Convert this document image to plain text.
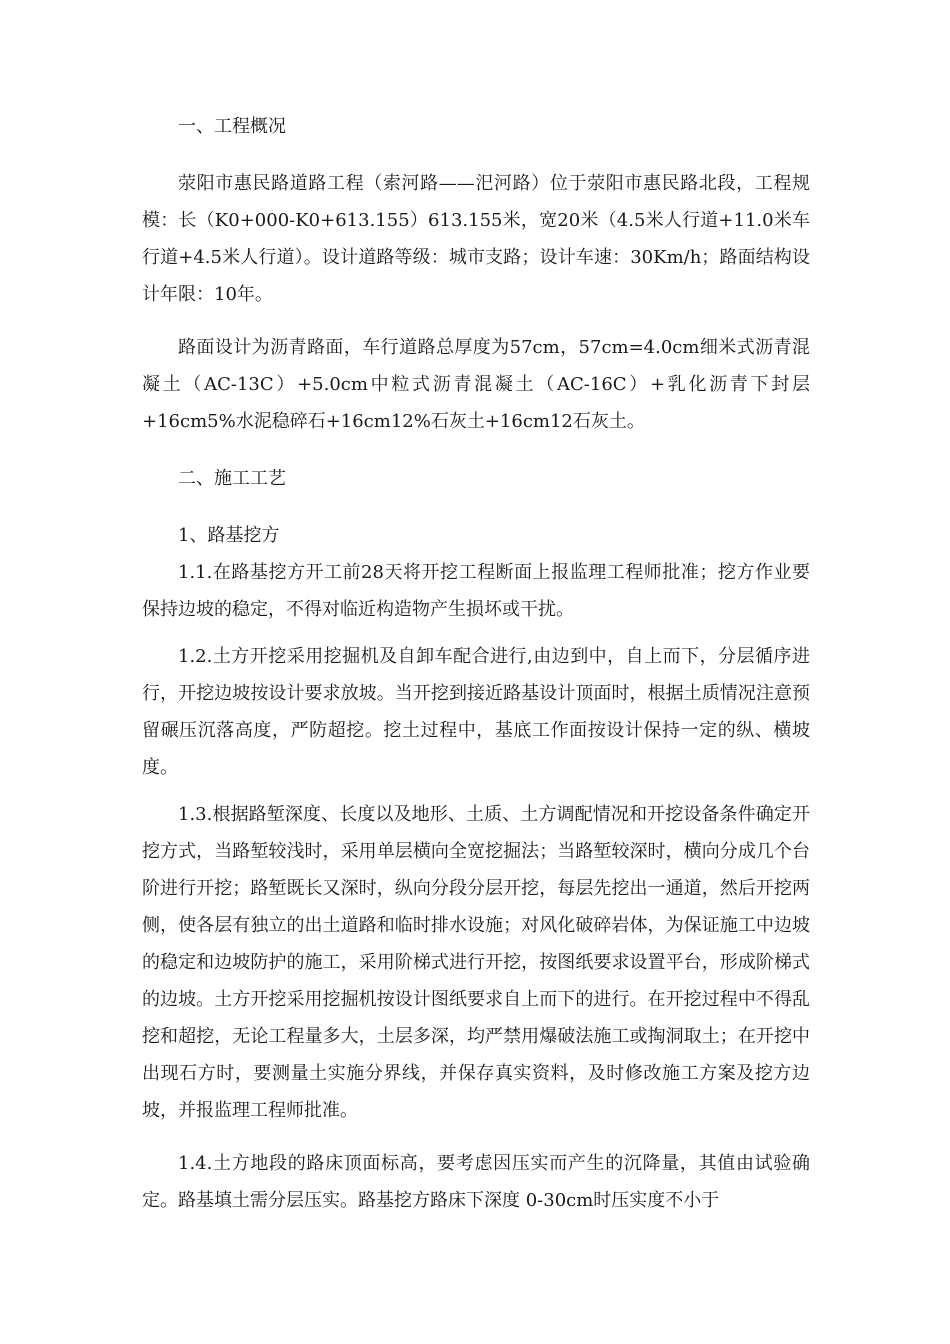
一、工程概况

荥阳市惠民路道路工程（索河路——汜河路）位于荥阳市惠民路北段，工程规模：长（K0+000-K0+613.155）613.155米，宽20米（4.5米人行道+11.0米车行道+4.5米人行道）。设计道路等级：城市支路；设计车速：30Km/h；路面结构设计年限：10年。

路面设计为沥青路面，车行道路总厚度为57cm，57cm=4.0cm细米式沥青混凝土（AC-13C）+5.0cm中粒式沥青混凝土（AC-16C）+乳化沥青下封层+16cm5%水泥稳碎石+16cm12%石灰土+16cm12石灰土。

二、施工工艺
1、路基挖方

1.1.在路基挖方开工前28天将开挖工程断面上报监理工程师批准；挖方作业要保持边坡的稳定，不得对临近构造物产生损坏或干扰。

1.2.土方开挖采用挖掘机及自卸车配合进行,由边到中，自上而下，分层循序进行，开挖边坡按设计要求放坡。当开挖到接近路基设计顶面时，根据土质情况注意预留碾压沉落高度，严防超挖。挖土过程中，基底工作面按设计保持一定的纵、横坡度。

1.3.根据路堑深度、长度以及地形、土质、土方调配情况和开挖设备条件确定开挖方式，当路堑较浅时，采用单层横向全宽挖掘法；当路堑较深时，横向分成几个台阶进行开挖；路堑既长又深时，纵向分段分层开挖，每层先挖出一通道，然后开挖两侧，使各层有独立的出土道路和临时排水设施；对风化破碎岩体，为保证施工中边坡的稳定和边坡防护的施工，采用阶梯式进行开挖，按图纸要求设置平台，形成阶梯式的边坡。土方开挖采用挖掘机按设计图纸要求自上而下的进行。在开挖过程中不得乱挖和超挖，无论工程量多大，土层多深，均严禁用爆破法施工或掏洞取土；在开挖中出现石方时，要测量土实施分界线，并保存真实资料，及时修改施工方案及挖方边坡，并报监理工程师批准。

1.4.土方地段的路床顶面标高，要考虑因压实而产生的沉降量，其值由试验确定。路基填土需分层压实。路基挖方路床下深度 0-30cm时压实度不小于
